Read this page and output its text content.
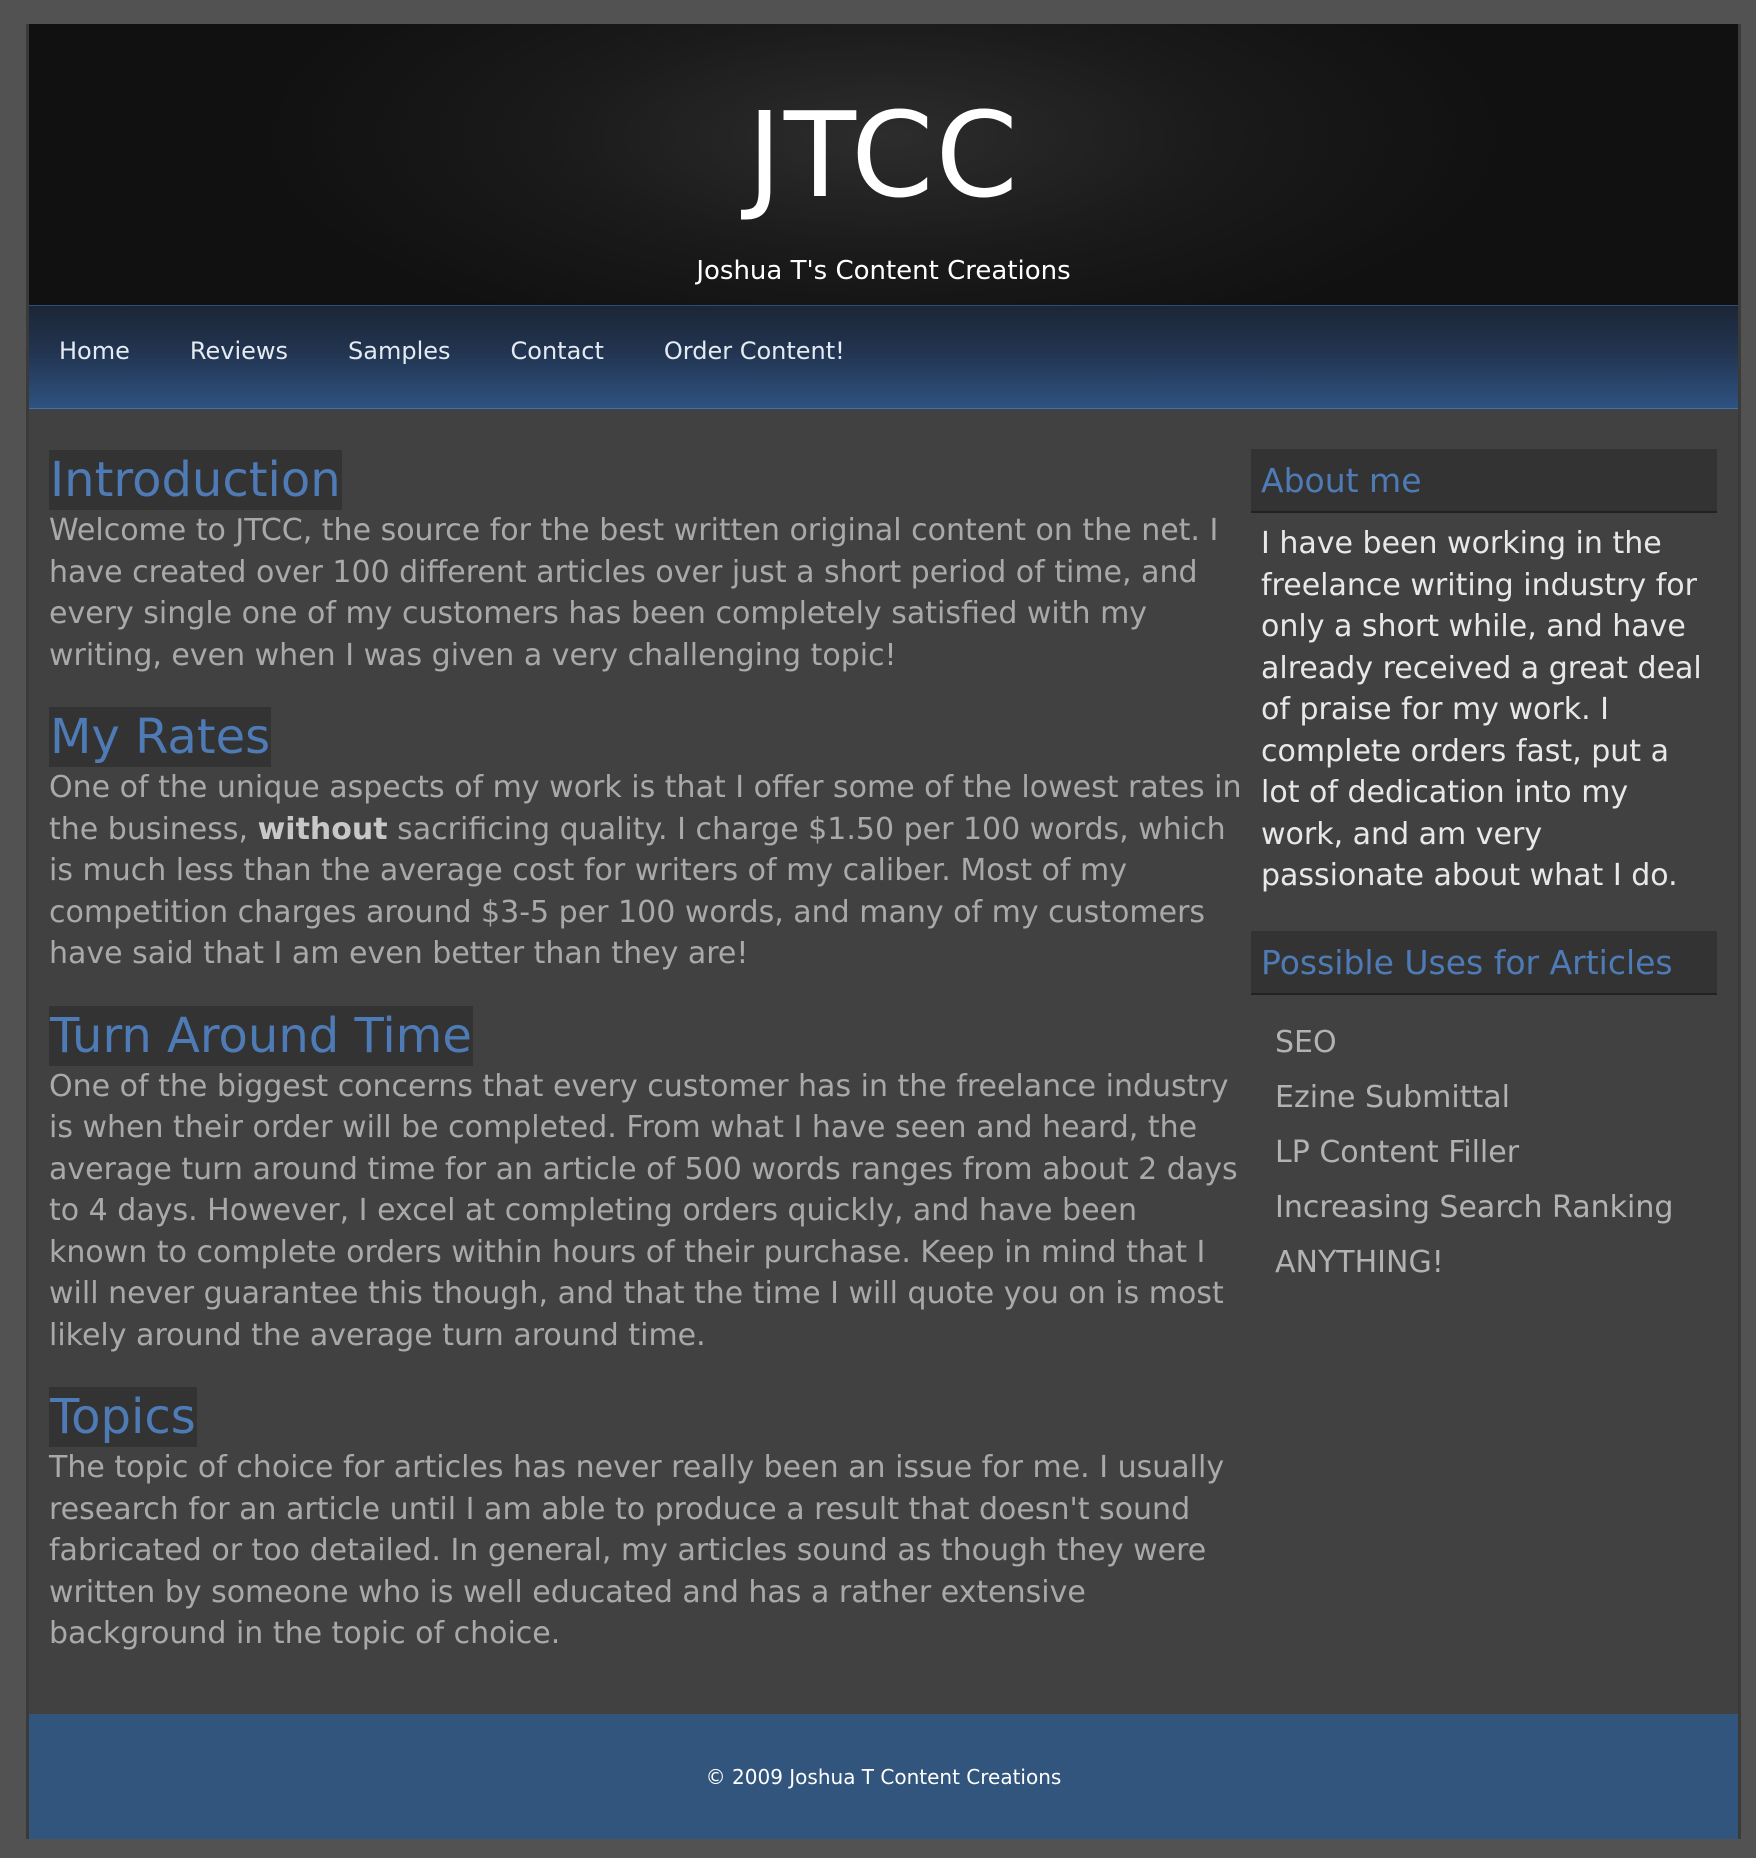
JTCC
Joshua T's Content Creations
Home	Reviews	Samples	Contact	Order Content!
Introduction

Welcome to JTCC, the source for the best written original content on the net. I have created over 100 different articles over just a short period of time, and every single one of my customers has been completely satisfied with my writing, even when I was given a very challenging topic!

My Rates

One of the unique aspects of my work is that I offer some of the lowest rates in the business, without sacrificing quality. I charge $1.50 per 100 words, which is much less than the average cost for writers of my caliber. Most of my competition charges around $3-5 per 100 words, and many of my customers have said that I am even better than they are!

Turn Around Time

One of the biggest concerns that every customer has in the freelance industry is when their order will be completed. From what I have seen and heard, the average turn around time for an article of 500 words ranges from about 2 days to 4 days. However, I excel at completing orders quickly, and have been known to complete orders within hours of their purchase. Keep in mind that I will never guarantee this though, and that the time I will quote you on is most likely around the average turn around time.

Topics

The topic of choice for articles has never really been an issue for me. I usually research for an article until I am able to produce a result that doesn't sound fabricated or too detailed. In general, my articles sound as though they were written by someone who is well educated and has a rather extensive background in the topic of choice.

About me

I have been working in the freelance writing industry for only a short while, and have already received a great deal of praise for my work. I complete orders fast, put a lot of dedication into my work, and am very passionate about what I do.

Possible Uses for Articles
SEO
Ezine Submittal
LP Content Filler
Increasing Search Ranking
ANYTHING!
© 2009 Joshua T Content Creations
